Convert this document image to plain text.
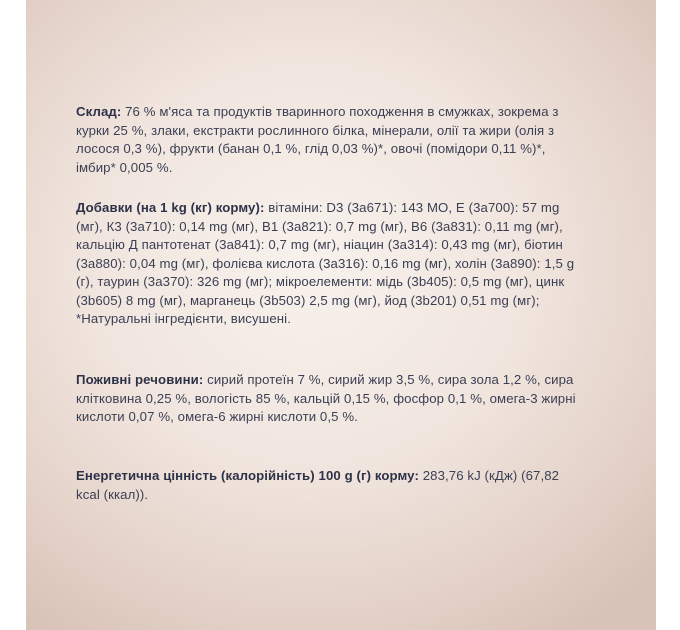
Склад: 76 % м'яса та продуктів тваринного походження в смужках, зокрема з курки 25 %, злаки, екстракти рослинного білка, мінерали, олії та жири (олія з лосося 0,3 %), фрукти (банан 0,1 %, глід 0,03 %)*, овочі (помідори 0,11 %)*, імбир* 0,005 %.
Добавки (на 1 kg (кг) корму): вітаміни: D3 (3a671): 143 МО, E (3a700): 57 mg (мг), К3 (3a710): 0,14 mg (мг), B1 (3a821): 0,7 mg (мг), B6 (3a831): 0,11 mg (мг), кальцію Д пантотенат (3a841): 0,7 mg (мг), ніацин (3a314): 0,43 mg (мг), біотин (3a880): 0,04 mg (мг), фолієва кислота (3a316): 0,16 mg (мг), холін (3a890): 1,5 g (г), таурин (3a370): 326 mg (мг); мікроелементи: мідь (3b405): 0,5 mg (мг), цинк (3b605) 8 mg (мг), марганець (3b503) 2,5 mg (мг), йод (3b201) 0,51 mg (мг); *Натуральні інгредієнти, висушені.
Поживні речовини: сирий протеїн 7 %, сирий жир 3,5 %, сира зола 1,2 %, сира клітковина 0,25 %, вологість 85 %, кальцій 0,15 %, фосфор 0,1 %, омега-3 жирні кислоти 0,07 %, омега-6 жирні кислоти 0,5 %.
Енергетична цінність (калорійність) 100 g (г) корму: 283,76 kJ (кДж) (67,82 kcal (ккал)).
